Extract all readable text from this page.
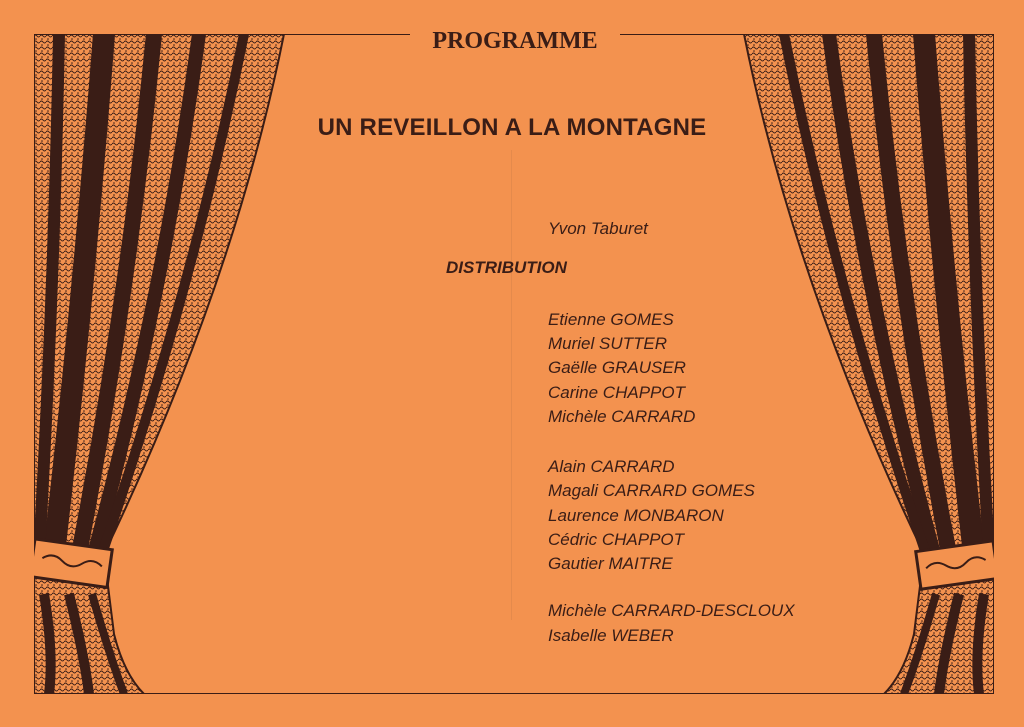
PROGRAMME
UN REVEILLON A LA MONTAGNE
Yvon Taburet
DISTRIBUTION
Etienne GOMES
Muriel SUTTER
Gaëlle GRAUSER
Carine CHAPPOT
Michèle CARRARD
Alain CARRARD
Magali CARRARD GOMES
Laurence MONBARON
Cédric CHAPPOT
Gautier MAITRE
Michèle CARRARD-DESCLOUX
Isabelle WEBER
